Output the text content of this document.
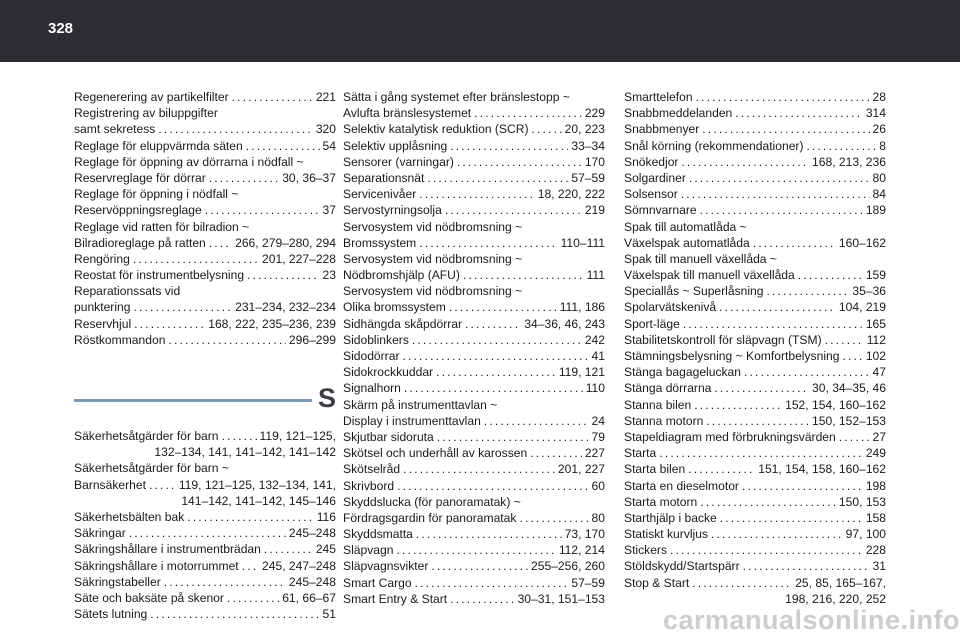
328
Regenerering av partikelfilter . . .	221
Registrering av biluppgifter
samt sekretess . . .	320
Reglage för eluppvärmda säten . . .	54
Reglage för öppning av dörrarna i nödfall ~
Reservreglage för dörrar . . .	30, 36–37
Reglage för öppning i nödfall ~
Reservöppningsreglage . . .	37
Reglage vid ratten för bilradion ~
Bilradioreglage på ratten . . . 266, 279–280, 294
Rengöring . . .	201, 227–228
Reostat för instrumentbelysning . . .	23
Reparationssats vid
punktering . . .	231–234, 232–234
Reservhjul . . .	168, 222, 235–236, 239
Röstkommandon . . .	296–299
S
Säkerhetsåtgärder för barn . . .	119, 121–125,
132–134, 141, 141–142, 141–142
Säkerhetsåtgärder för barn ~
Barnsäkerhet . . .	119, 121–125, 132–134, 141,
141–142, 141–142, 145–146
Säkerhetsbälten bak . . .	116
Säkringar . . .	245–248
Säkringshållare i instrumentbrädan . . .	245
Säkringshållare i motorrummet . . . 245, 247–248
Säkringstabeller . . .	245–248
Säte och baksäte på skenor . . .	61, 66–67
Sätets lutning . . .	51
Sätta i gång systemet efter bränslestopp ~
Avlufta bränslesystemet . . .	229
Selektiv katalytisk reduktion (SCR) . . .	20, 223
Selektiv upplåsning . . .	33–34
Sensorer (varningar) . . .	170
Separationsnät . . .	57–59
Servicenivåer . . .	18, 220, 222
Servostyrningsolja . . .	219
Servosystem vid nödbromsning ~
Bromssystem . . .	110–111
Servosystem vid nödbromsning ~
Nödbromshjälp (AFU) . . .	111
Servosystem vid nödbromsning ~
Olika bromssystem . . .	111, 186
Sidhängda skåpdörrar . . .	34–36, 46, 243
Sidoblinkers . . .	242
Sidodörrar . . .	41
Sidokrockkuddar . . .	119, 121
Signalhorn . . .	110
Skärm på instrumenttavlan ~
Display i instrumenttavlan . . .	24
Skjutbar sidoruta . . .	79
Skötsel och underhåll av karossen . . .	227
Skötselråd . . .	201, 227
Skrivbord . . .	60
Skyddslucka (för panoramatak) ~
Fördragsgardin för panoramatak . . .	80
Skyddsmatta . . .	73, 170
Släpvagn . . .	112, 214
Släpvagnsvikter . . .	255–256, 260
Smart Cargo . . .	57–59
Smart Entry & Start . . .	30–31, 151–153
Smarttelefon . . .	28
Snabbmeddelanden . . .	314
Snabbmenyer . . .	26
Snål körning (rekommendationer) . . .	8
Snökedjor . . .	168, 213, 236
Solgardiner . . .	80
Solsensor . . .	84
Sömnvarnare . . .	189
Spak till automatlåda ~
Växelspak automatlåda . . .	160–162
Spak till manuell växellåda ~
Växelspak till manuell växellåda . . .	159
Speciallås ~ Superlåsning . . .	35–36
Spolarvätskenivå . . .	104, 219
Sport-läge . . .	165
Stabilitetskontroll för släpvagn (TSM) . . .	112
Stämningsbelysning ~ Komfortbelysning . . . 102
Stänga bagageluckan . . .	47
Stänga dörrarna . . .	30, 34–35, 46
Stanna bilen . . .	152, 154, 160–162
Stanna motorn . . .	150, 152–153
Stapeldiagram med förbrukningsvärden . . .	27
Starta . . .	249
Starta bilen . . .	151, 154, 158, 160–162
Starta en dieselmotor . . .	198
Starta motorn . . .	150, 153
Starthjälp i backe . . .	158
Statiskt kurvljus . . .	97, 100
Stickers . . .	228
Stöldskydd/Startspärr . . .	31
Stop & Start . . .	25, 85, 165–167,
198, 216, 220, 252
carmanualsonline.info
